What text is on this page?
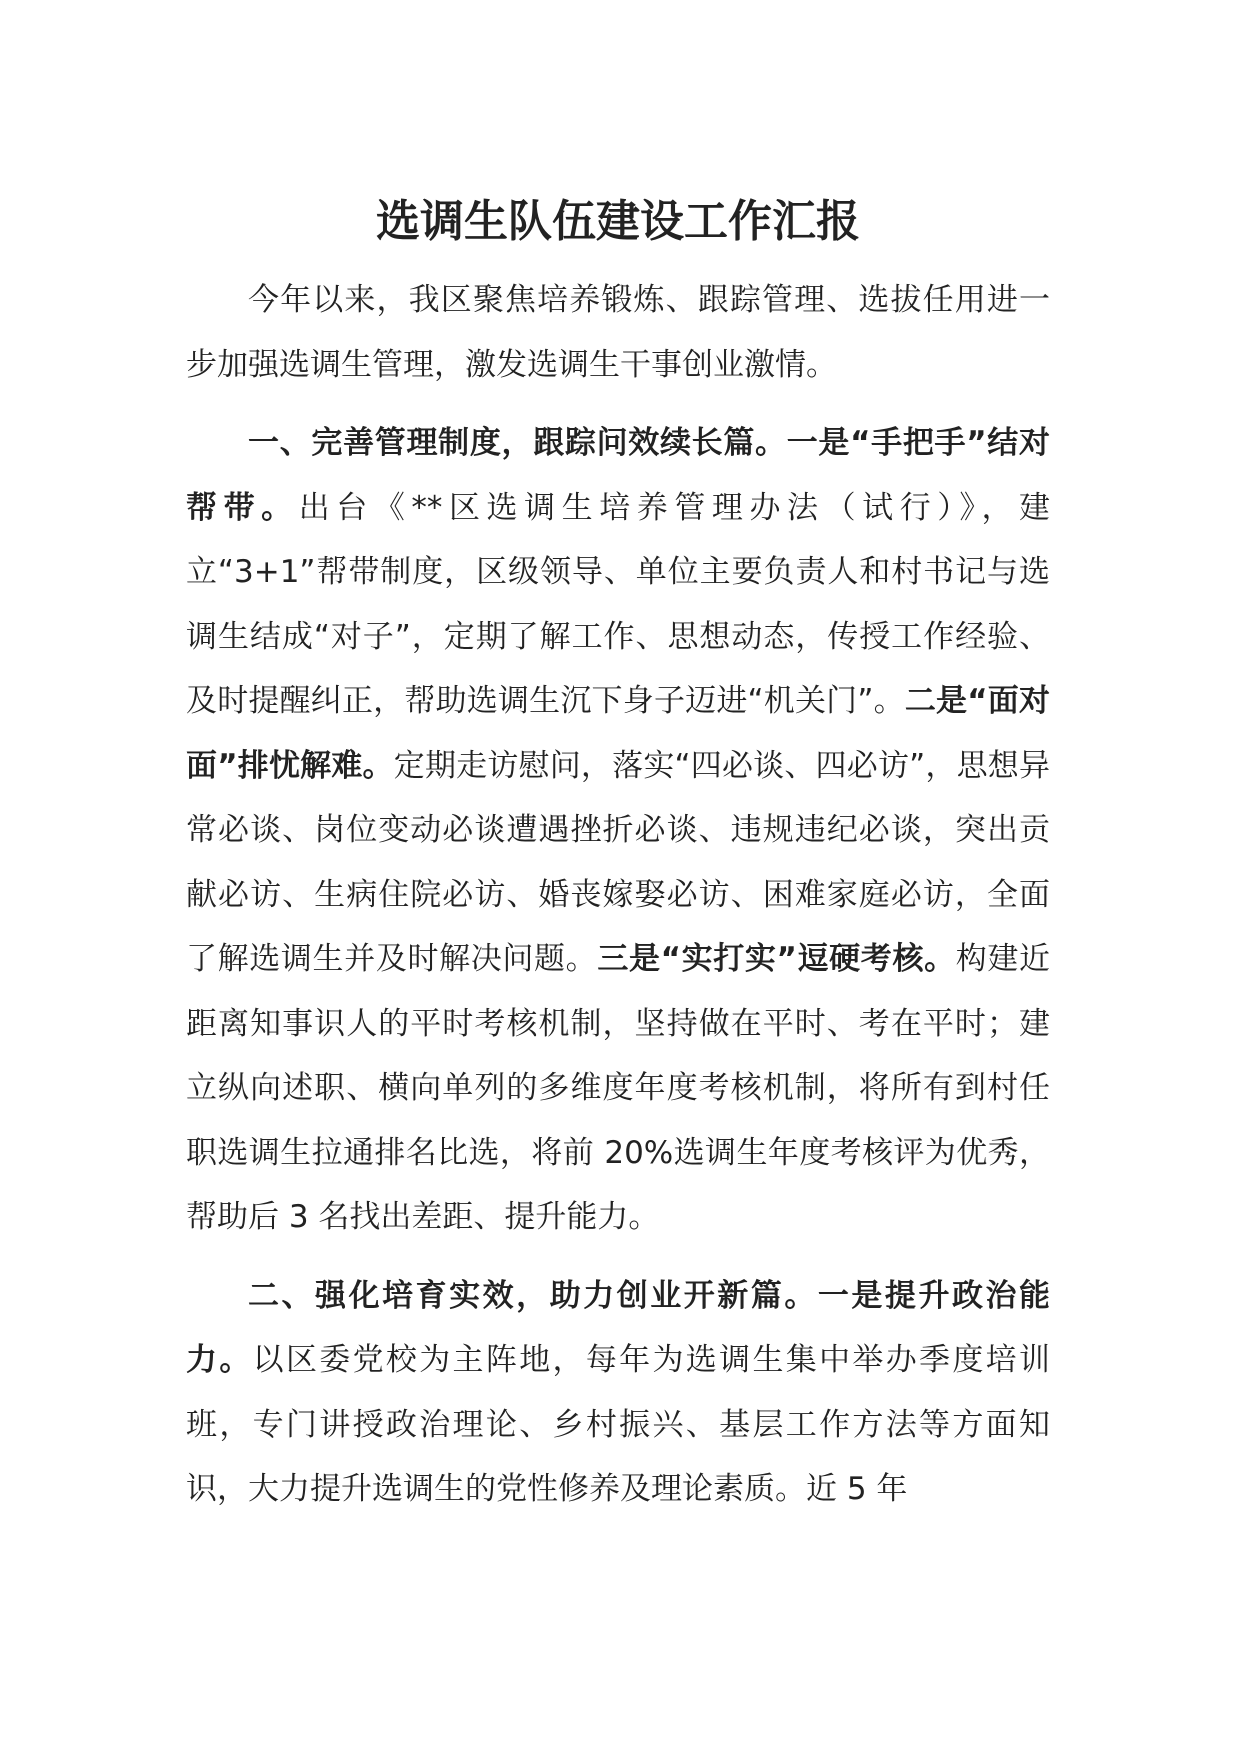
选调生队伍建设工作汇报

今年以来，我区聚焦培养锻炼、跟踪管理、选拔任用进一步加强选调生管理，激发选调生干事创业激情。

一、完善管理制度，跟踪问效续长篇。一是“手把手”结对帮带。出台《**区选调生培养管理办法（试行）》，建立“3+1”帮带制度，区级领导、单位主要负责人和村书记与选调生结成“对子”，定期了解工作、思想动态，传授工作经验、及时提醒纠正，帮助选调生沉下身子迈进“机关门”。二是“面对面”排忧解难。定期走访慰问，落实“四必谈、四必访”，思想异常必谈、岗位变动必谈遭遇挫折必谈、违规违纪必谈，突出贡献必访、生病住院必访、婚丧嫁娶必访、困难家庭必访，全面了解选调生并及时解决问题。三是“实打实”逗硬考核。构建近距离知事识人的平时考核机制，坚持做在平时、考在平时；建立纵向述职、横向单列的多维度年度考核机制，将所有到村任职选调生拉通排名比选，将前 20%选调生年度考核评为优秀，帮助后 3 名找出差距、提升能力。

二、强化培育实效，助力创业开新篇。一是提升政治能力。以区委党校为主阵地，每年为选调生集中举办季度培训班，专门讲授政治理论、乡村振兴、基层工作方法等方面知识，大力提升选调生的党性修养及理论素质。近 5 年
